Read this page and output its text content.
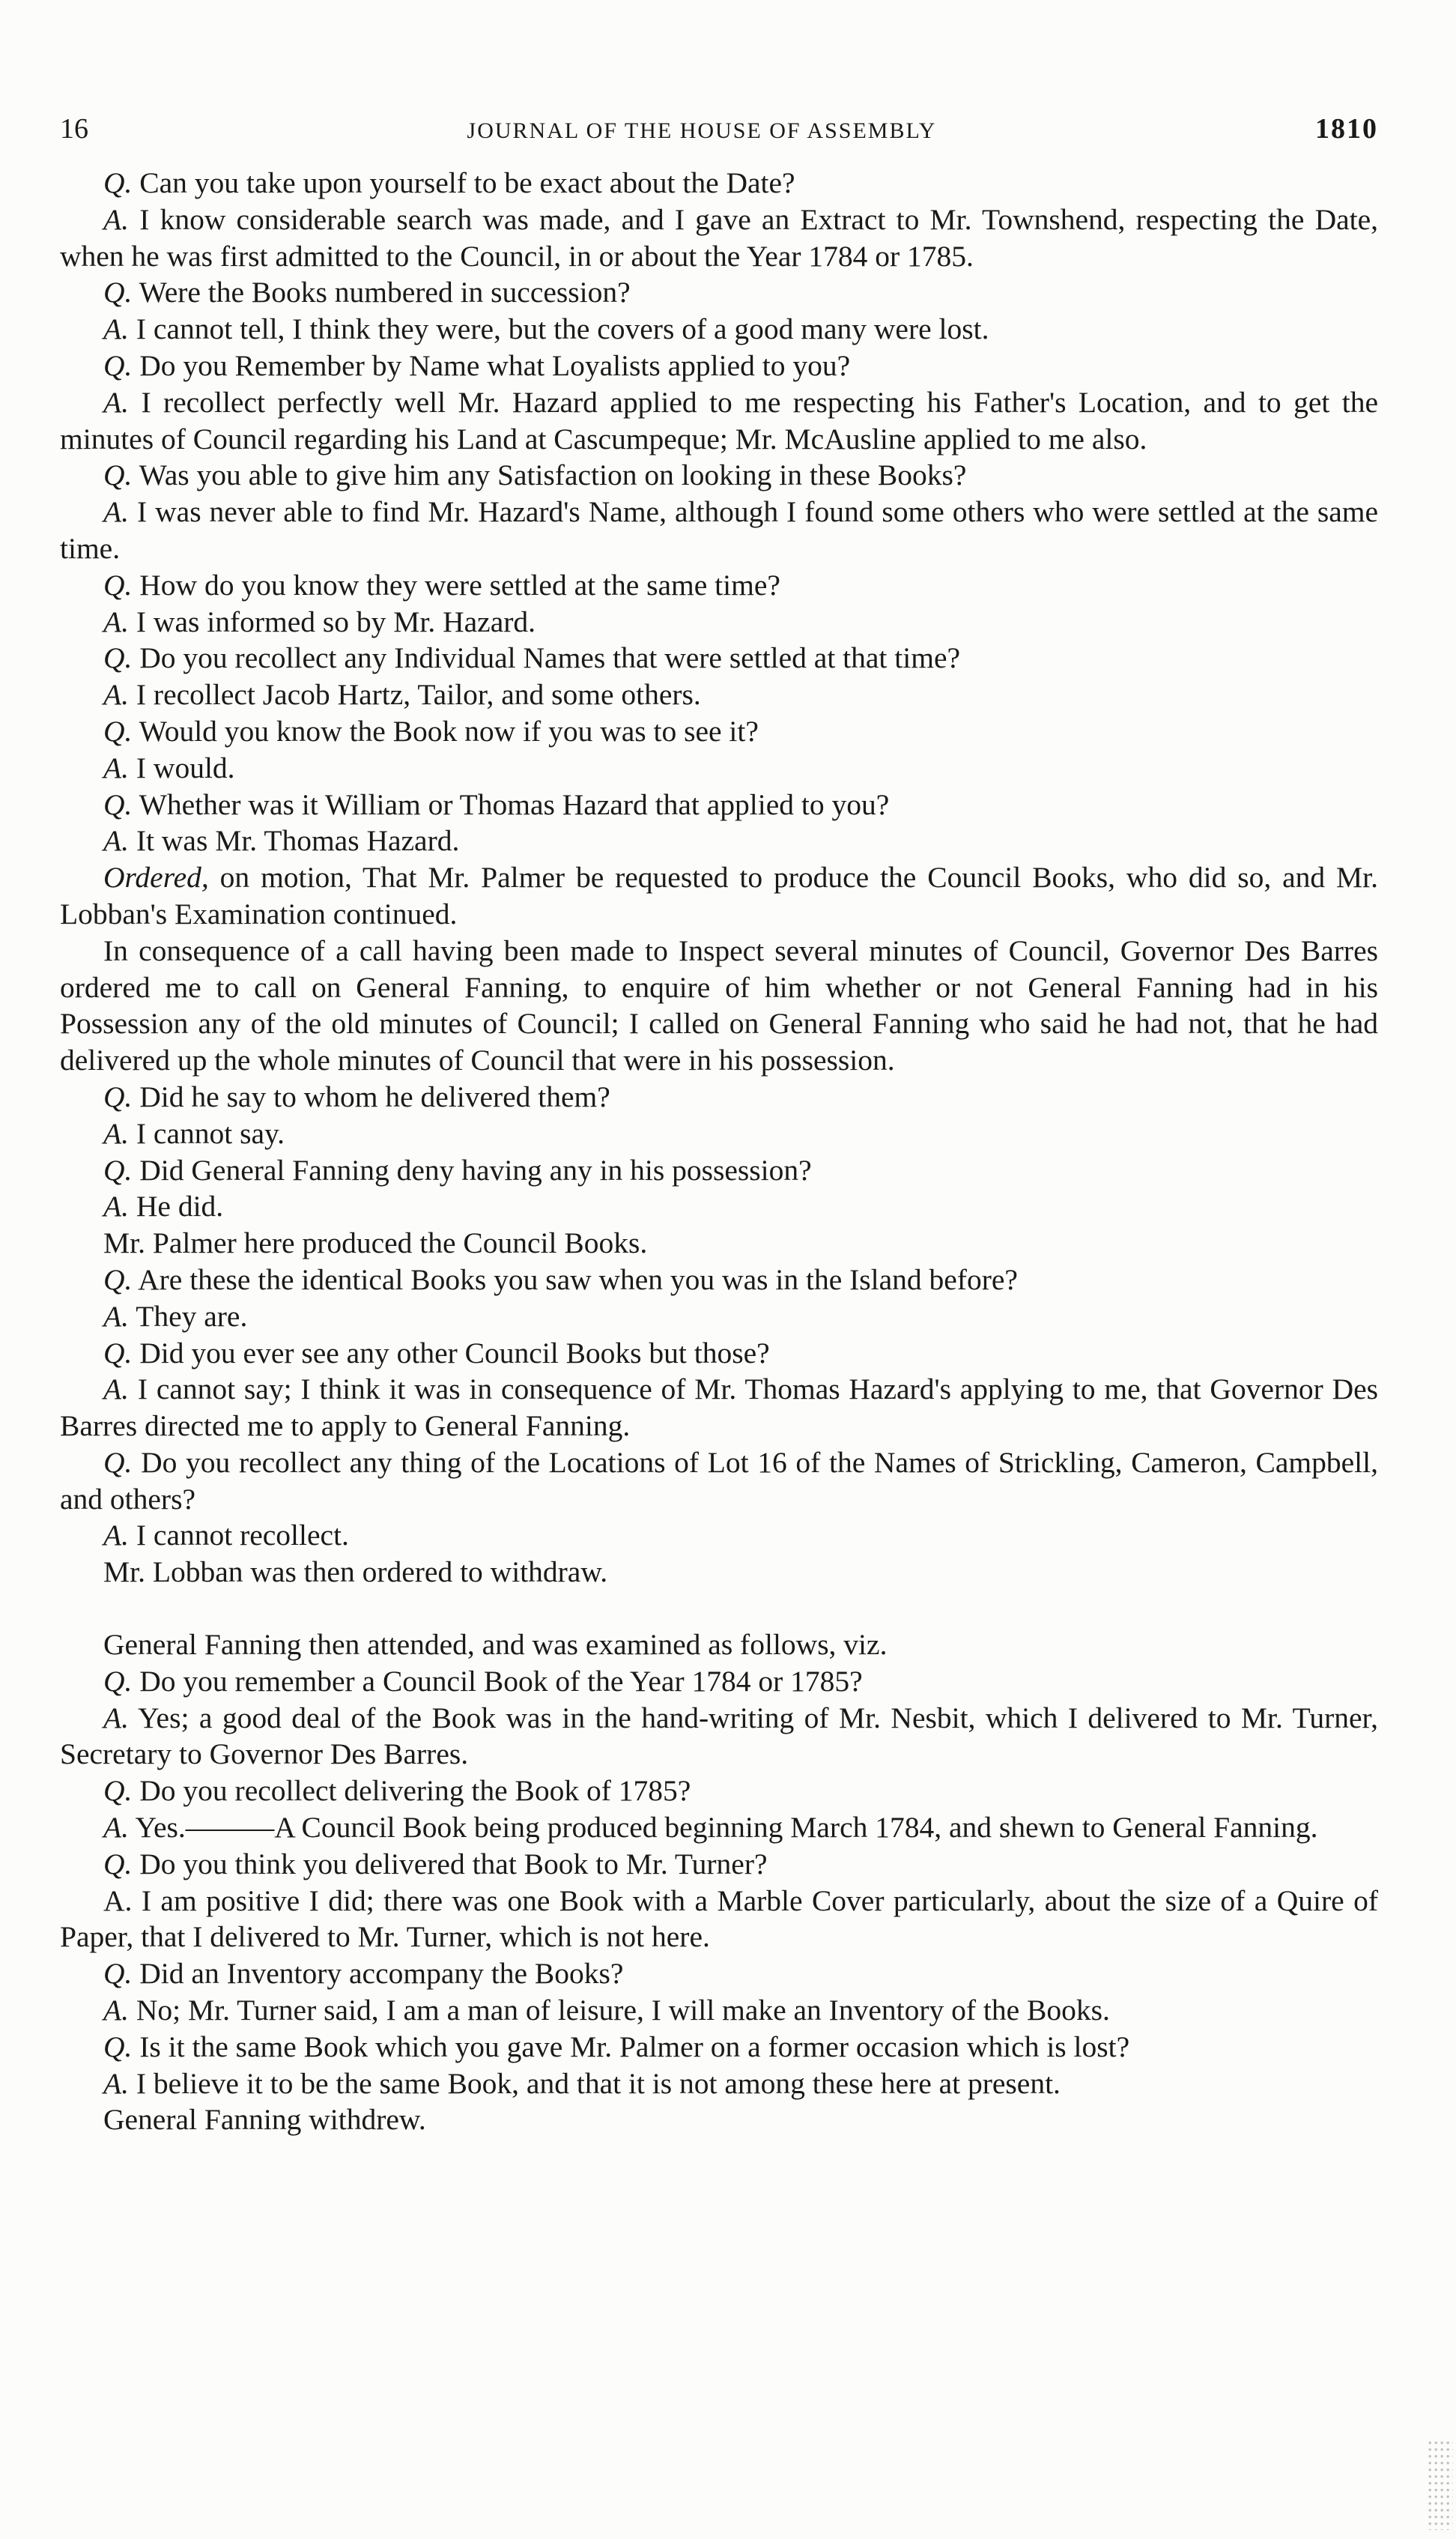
16	JOURNAL OF THE HOUSE OF ASSEMBLY	1810
Q. Can you take upon yourself to be exact about the Date?
A. I know considerable search was made, and I gave an Extract to Mr. Townshend, respecting the Date, when he was first admitted to the Council, in or about the Year 1784 or 1785.
Q. Were the Books numbered in succession?
A. I cannot tell, I think they were, but the covers of a good many were lost.
Q. Do you Remember by Name what Loyalists applied to you?
A. I recollect perfectly well Mr. Hazard applied to me respecting his Father's Location, and to get the minutes of Council regarding his Land at Cascumpeque; Mr. McAusline applied to me also.
Q. Was you able to give him any Satisfaction on looking in these Books?
A. I was never able to find Mr. Hazard's Name, although I found some others who were settled at the same time.
Q. How do you know they were settled at the same time?
A. I was informed so by Mr. Hazard.
Q. Do you recollect any Individual Names that were settled at that time?
A. I recollect Jacob Hartz, Tailor, and some others.
Q. Would you know the Book now if you was to see it?
A. I would.
Q. Whether was it William or Thomas Hazard that applied to you?
A. It was Mr. Thomas Hazard.
Ordered, on motion, That Mr. Palmer be requested to produce the Council Books, who did so, and Mr. Lobban's Examination continued.
In consequence of a call having been made to Inspect several minutes of Council, Governor Des Barres ordered me to call on General Fanning, to enquire of him whether or not General Fanning had in his Possession any of the old minutes of Council; I called on General Fanning who said he had not, that he had delivered up the whole minutes of Council that were in his possession.
Q. Did he say to whom he delivered them?
A. I cannot say.
Q. Did General Fanning deny having any in his possession?
A. He did.
Mr. Palmer here produced the Council Books.
Q. Are these the identical Books you saw when you was in the Island before?
A. They are.
Q. Did you ever see any other Council Books but those?
A. I cannot say; I think it was in consequence of Mr. Thomas Hazard's applying to me, that Governor Des Barres directed me to apply to General Fanning.
Q. Do you recollect any thing of the Locations of Lot 16 of the Names of Strickling, Cameron, Campbell, and others?
A. I cannot recollect.
Mr. Lobban was then ordered to withdraw.
General Fanning then attended, and was examined as follows, viz.
Q. Do you remember a Council Book of the Year 1784 or 1785?
A. Yes; a good deal of the Book was in the hand-writing of Mr. Nesbit, which I delivered to Mr. Turner, Secretary to Governor Des Barres.
Q. Do you recollect delivering the Book of 1785?
A. Yes.———A Council Book being produced beginning March 1784, and shewn to General Fanning.
Q. Do you think you delivered that Book to Mr. Turner?
A. I am positive I did; there was one Book with a Marble Cover particularly, about the size of a Quire of Paper, that I delivered to Mr. Turner, which is not here.
Q. Did an Inventory accompany the Books?
A. No; Mr. Turner said, I am a man of leisure, I will make an Inventory of the Books.
Q. Is it the same Book which you gave Mr. Palmer on a former occasion which is lost?
A. I believe it to be the same Book, and that it is not among these here at present.
General Fanning withdrew.
